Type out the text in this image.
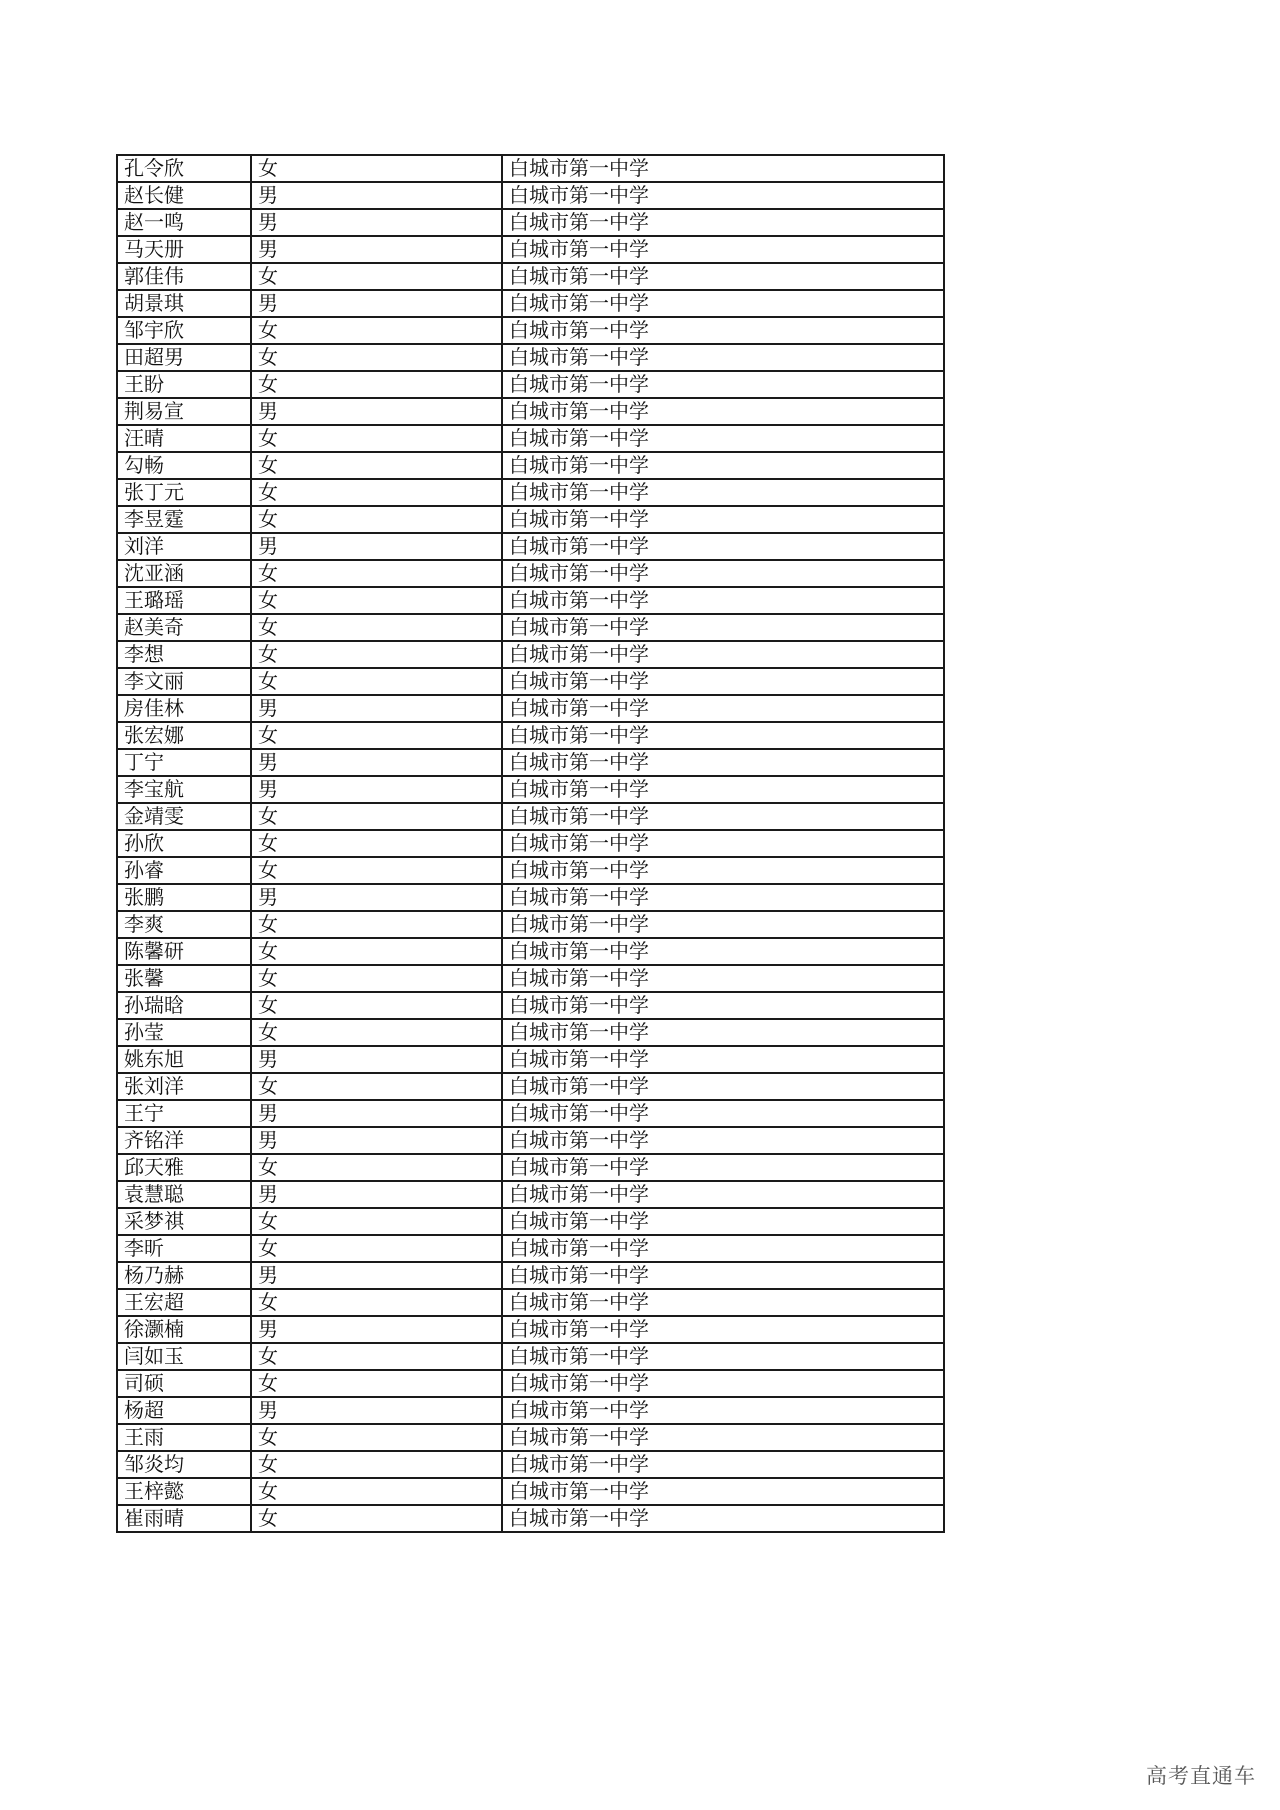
孔令欣	女	白城市第一中学
赵长健	男	白城市第一中学
赵一鸣	男	白城市第一中学
马天册	男	白城市第一中学
郭佳伟	女	白城市第一中学
胡景琪	男	白城市第一中学
邹宇欣	女	白城市第一中学
田超男	女	白城市第一中学
王盼	女	白城市第一中学
荆易宣	男	白城市第一中学
汪晴	女	白城市第一中学
勾畅	女	白城市第一中学
张丁元	女	白城市第一中学
李昱霆	女	白城市第一中学
刘洋	男	白城市第一中学
沈亚涵	女	白城市第一中学
王璐瑶	女	白城市第一中学
赵美奇	女	白城市第一中学
李想	女	白城市第一中学
李文丽	女	白城市第一中学
房佳林	男	白城市第一中学
张宏娜	女	白城市第一中学
丁宁	男	白城市第一中学
李宝航	男	白城市第一中学
金靖雯	女	白城市第一中学
孙欣	女	白城市第一中学
孙睿	女	白城市第一中学
张鹏	男	白城市第一中学
李爽	女	白城市第一中学
陈馨研	女	白城市第一中学
张馨	女	白城市第一中学
孙瑞晗	女	白城市第一中学
孙莹	女	白城市第一中学
姚东旭	男	白城市第一中学
张刘洋	女	白城市第一中学
王宁	男	白城市第一中学
齐铭洋	男	白城市第一中学
邱天雅	女	白城市第一中学
袁慧聪	男	白城市第一中学
采梦祺	女	白城市第一中学
李昕	女	白城市第一中学
杨乃赫	男	白城市第一中学
王宏超	女	白城市第一中学
徐灏楠	男	白城市第一中学
闫如玉	女	白城市第一中学
司硕	女	白城市第一中学
杨超	男	白城市第一中学
王雨	女	白城市第一中学
邹炎均	女	白城市第一中学
王梓懿	女	白城市第一中学
崔雨晴	女	白城市第一中学
高考直通车
